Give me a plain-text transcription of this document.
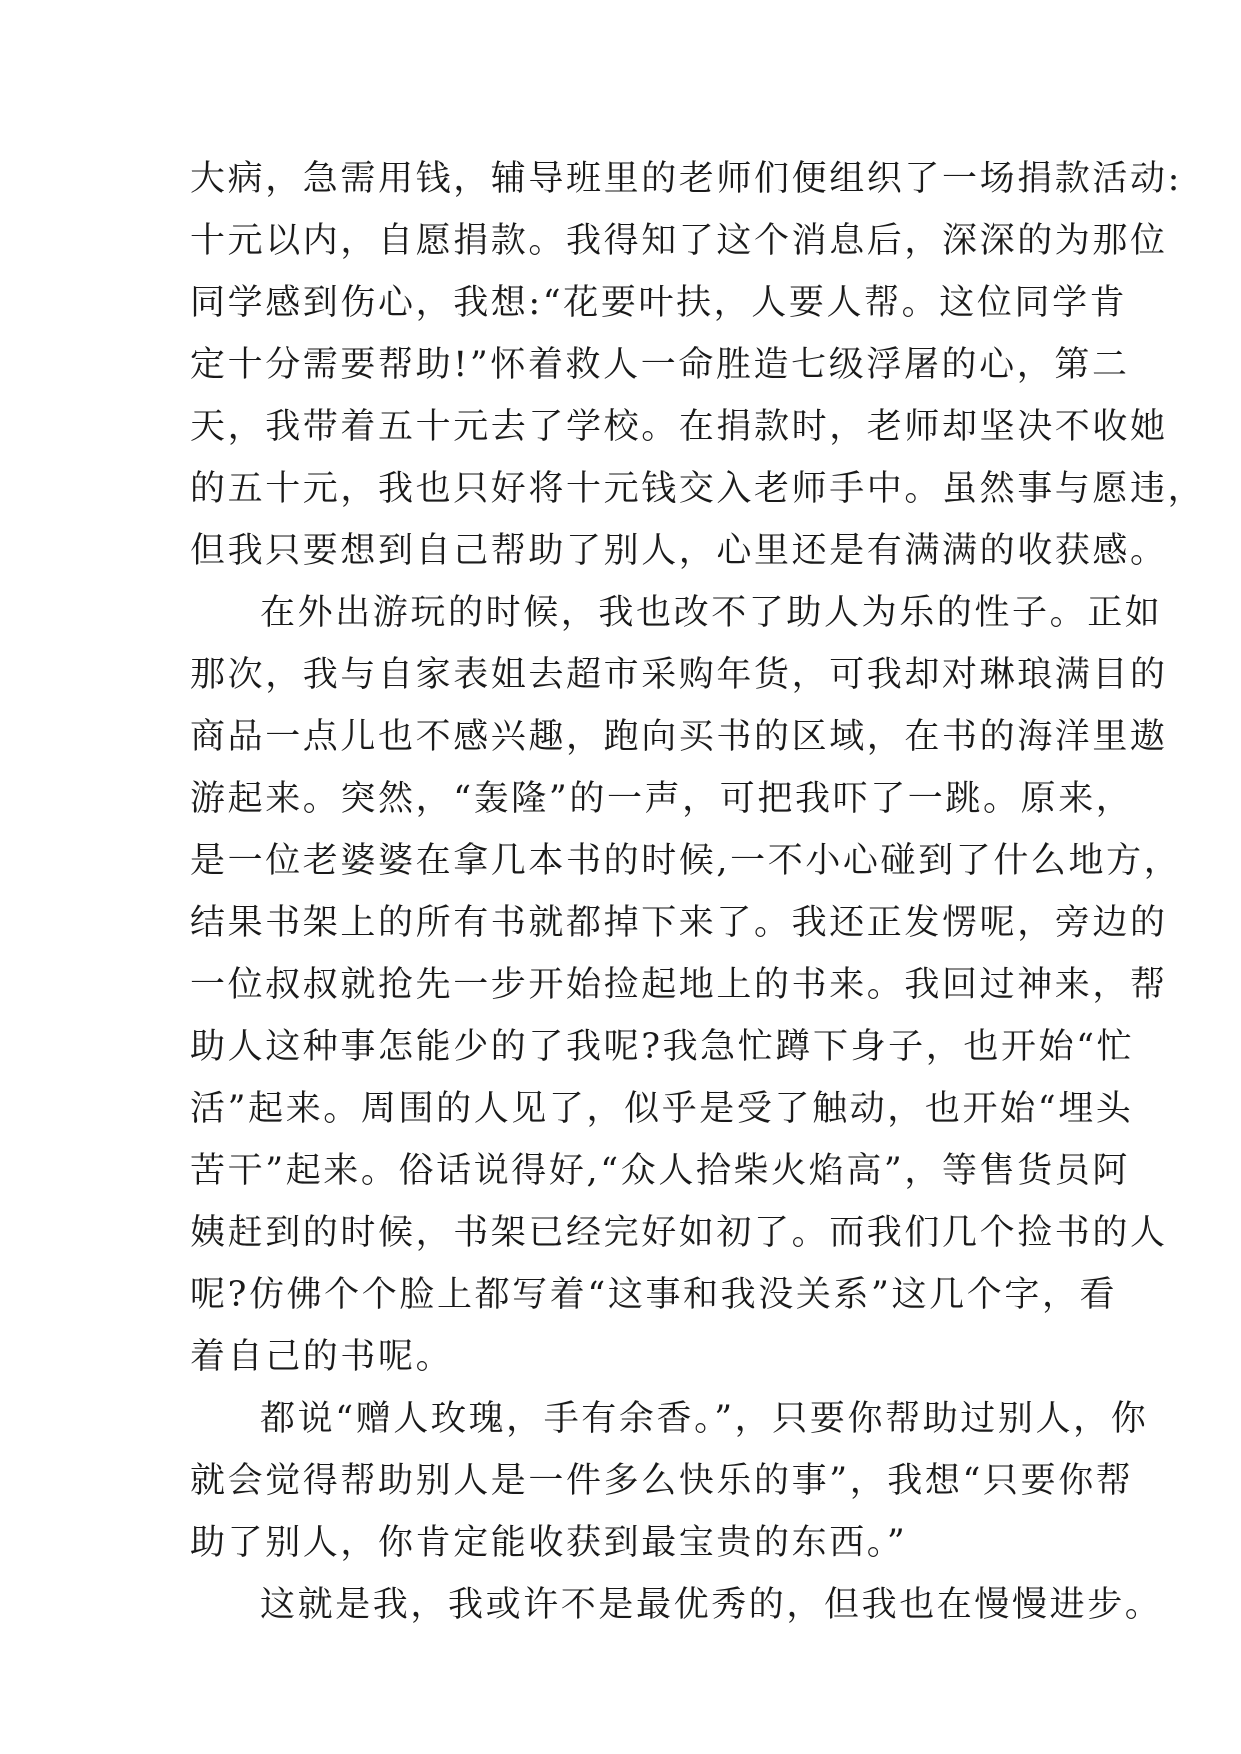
大病，急需用钱，辅导班里的老师们便组织了一场捐款活动:
十元以内，自愿捐款。我得知了这个消息后，深深的为那位
同学感到伤心，我想:“花要叶扶，人要人帮。这位同学肯
定十分需要帮助!”怀着救人一命胜造七级浮屠的心，第二
天，我带着五十元去了学校。在捐款时，老师却坚决不收她
的五十元，我也只好将十元钱交入老师手中。虽然事与愿违，
但我只要想到自己帮助了别人，心里还是有满满的收获感。
在外出游玩的时候，我也改不了助人为乐的性子。正如
那次，我与自家表姐去超市采购年货，可我却对琳琅满目的
商品一点儿也不感兴趣，跑向买书的区域，在书的海洋里遨
游起来。突然，“轰隆”的一声，可把我吓了一跳。原来，
是一位老婆婆在拿几本书的时候,一不小心碰到了什么地方，
结果书架上的所有书就都掉下来了。我还正发愣呢，旁边的
一位叔叔就抢先一步开始捡起地上的书来。我回过神来，帮
助人这种事怎能少的了我呢?我急忙蹲下身子，也开始“忙
活”起来。周围的人见了，似乎是受了触动，也开始“埋头
苦干”起来。俗话说得好,“众人拾柴火焰高”，等售货员阿
姨赶到的时候，书架已经完好如初了。而我们几个捡书的人
呢?仿佛个个脸上都写着“这事和我没关系”这几个字，看
着自己的书呢。
都说“赠人玫瑰，手有余香。”，只要你帮助过别人，你
就会觉得帮助别人是一件多么快乐的事”，我想“只要你帮
助了别人，你肯定能收获到最宝贵的东西。”
这就是我，我或许不是最优秀的，但我也在慢慢进步。
